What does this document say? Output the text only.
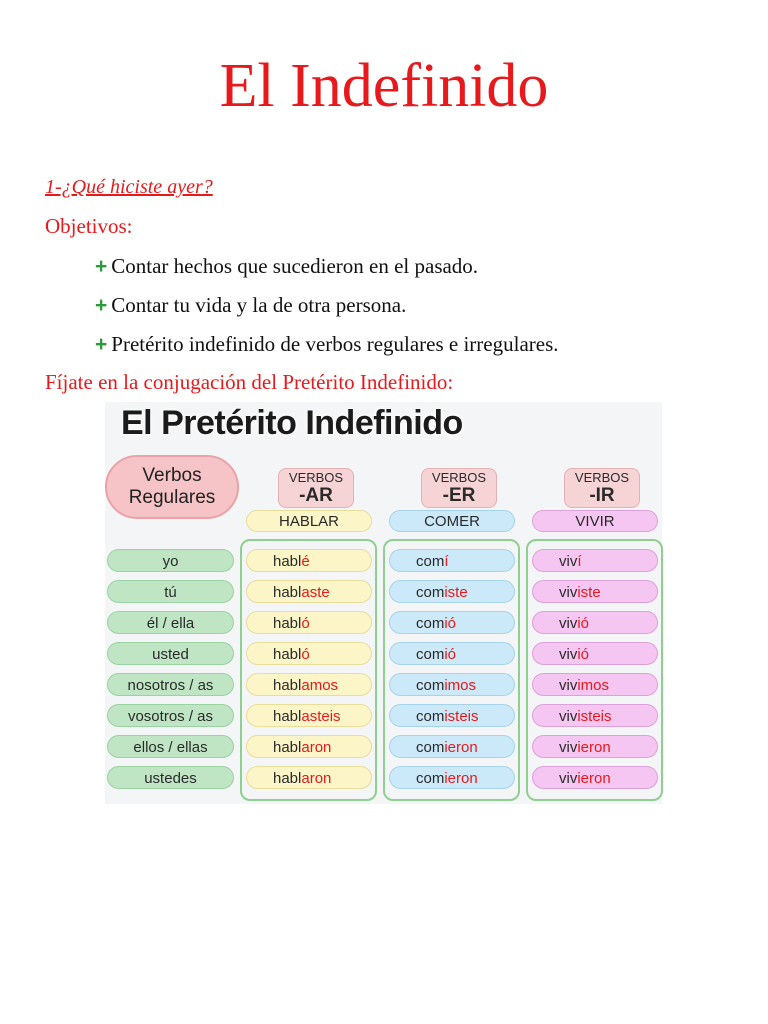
El Indefinido
1-¿Qué hiciste ayer?
Objetivos:
+ Contar hechos que sucedieron en el pasado.
+ Contar tu vida y la de otra persona.
+ Pretérito indefinido de verbos regulares e irregulares.
Fíjate en la conjugación del Pretérito Indefinido:
El Pretérito Indefinido
Verbos
Regulares
VERBOS
-AR
VERBOS
-ER
VERBOS
-IR
HABLAR	COMER	VIVIR
yo	hablé	comí	viví
tú	hablaste	comiste	viviste
él / ella	habló	comió	vivió
usted	habló	comió	vivió
nosotros / as	hablamos	comimos	vivimos
vosotros / as	hablasteis	comisteis	vivisteis
ellos / ellas	hablaron	comieron	vivieron
ustedes	hablaron	comieron	vivieron
